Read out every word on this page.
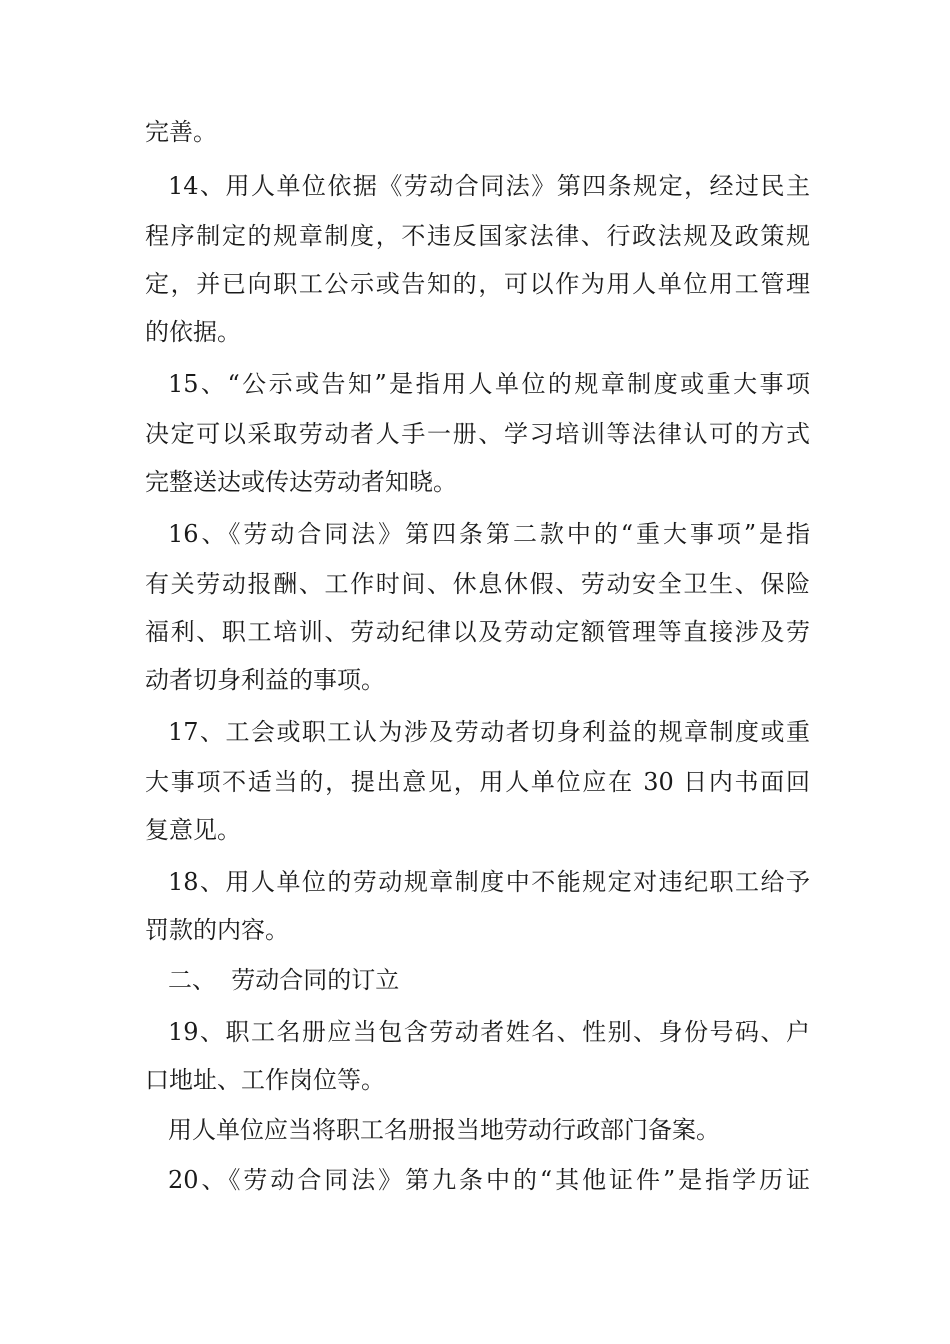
完善。
14、用人单位依据《劳动合同法》第四条规定，经过民主
程序制定的规章制度，不违反国家法律、行政法规及政策规
定，并已向职工公示或告知的，可以作为用人单位用工管理
的依据。
15、“公示或告知”是指用人单位的规章制度或重大事项
决定可以采取劳动者人手一册、学习培训等法律认可的方式
完整送达或传达劳动者知晓。
16、《劳动合同法》第四条第二款中的“重大事项”是指
有关劳动报酬、工作时间、休息休假、劳动安全卫生、保险
福利、职工培训、劳动纪律以及劳动定额管理等直接涉及劳
动者切身利益的事项。
17、工会或职工认为涉及劳动者切身利益的规章制度或重
大事项不适当的，提出意见，用人单位应在 30 日内书面回
复意见。
18、用人单位的劳动规章制度中不能规定对违纪职工给予
罚款的内容。
二、  劳动合同的订立
19、职工名册应当包含劳动者姓名、性别、身份号码、户
口地址、工作岗位等。
用人单位应当将职工名册报当地劳动行政部门备案。
20、《劳动合同法》第九条中的“其他证件”是指学历证
